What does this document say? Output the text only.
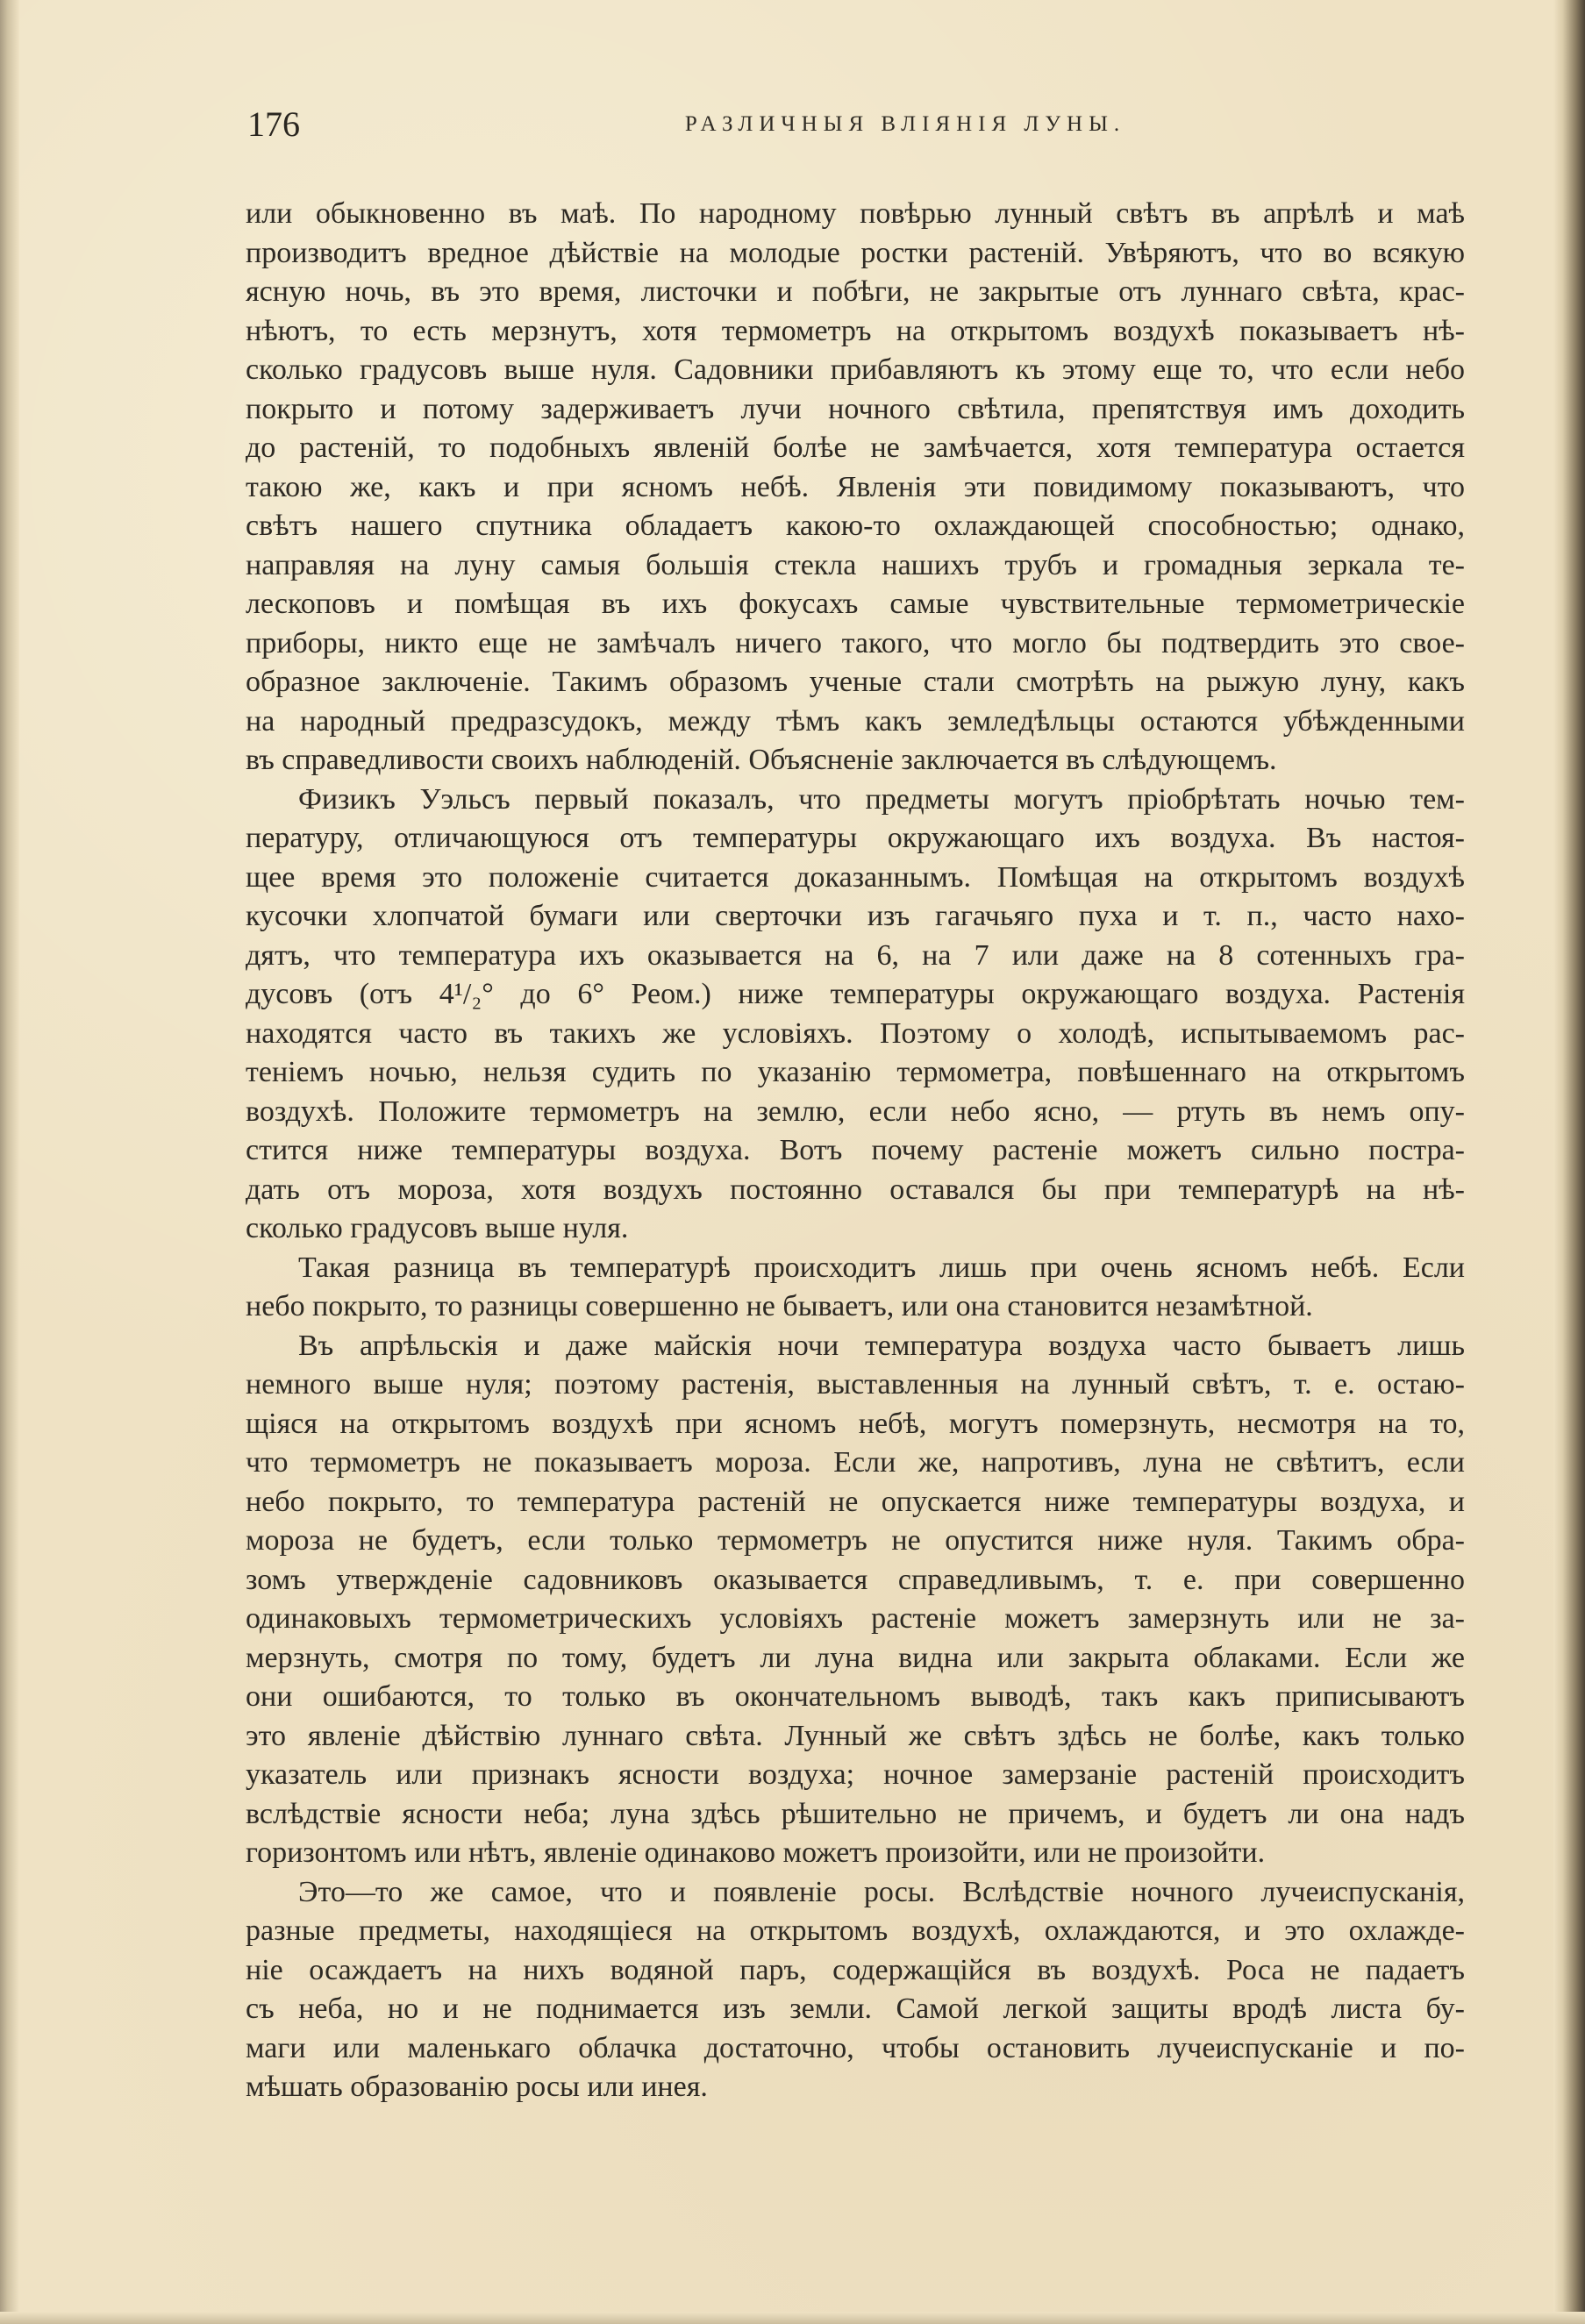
176	РАЗЛИЧНЫЯ ВЛІЯНІЯ ЛУНЫ.
или обыкновенно въ маѣ. По народному повѣрью лунный свѣтъ въ апрѣлѣ и маѣ
производитъ вредное дѣйствіе на молодые ростки растеній. Увѣряютъ, что во всякую
ясную ночь, въ это время, листочки и побѣги, не закрытые отъ луннаго свѣта, крас-
нѣютъ, то есть мерзнутъ, хотя термометръ на открытомъ воздухѣ показываетъ нѣ-
сколько градусовъ выше нуля. Садовники прибавляютъ къ этому еще то, что если небо
покрыто и потому задерживаетъ лучи ночного свѣтила, препятствуя имъ доходить
до растеній, то подобныхъ явленій болѣе не замѣчается, хотя температура остается
такою же, какъ и при ясномъ небѣ. Явленія эти повидимому показываютъ, что
свѣтъ нашего спутника обладаетъ какою-то охлаждающей способностью; однако,
направляя на луну самыя большія стекла нашихъ трубъ и громадныя зеркала те-
лескоповъ и помѣщая въ ихъ фокусахъ самые чувствительные термометрическіе
приборы, никто еще не замѣчалъ ничего такого, что могло бы подтвердить это свое-
образное заключеніе. Такимъ образомъ ученые стали смотрѣть на рыжую луну, какъ
на народный предразсудокъ, между тѣмъ какъ земледѣльцы остаются убѣжденными
въ справедливости своихъ наблюденій. Объясненіе заключается въ слѣдующемъ.
Физикъ Уэльсъ первый показалъ, что предметы могутъ пріобрѣтать ночью тем-
пературу, отличающуюся отъ температуры окружающаго ихъ воздуха. Въ настоя-
щее время это положеніе считается доказаннымъ. Помѣщая на открытомъ воздухѣ
кусочки хлопчатой бумаги или сверточки изъ гагачьяго пуха и т. п., часто нахо-
дятъ, что температура ихъ оказывается на 6, на 7 или даже на 8 сотенныхъ гра-
дусовъ (отъ 4¹/₂° до 6° Реом.) ниже температуры окружающаго воздуха. Растенія
находятся часто въ такихъ же условіяхъ. Поэтому о холодѣ, испытываемомъ рас-
теніемъ ночью, нельзя судить по указанію термометра, повѣшеннаго на открытомъ
воздухѣ. Положите термометръ на землю, если небо ясно, — ртуть въ немъ опу-
стится ниже температуры воздуха. Вотъ почему растеніе можетъ сильно постра-
дать отъ мороза, хотя воздухъ постоянно оставался бы при температурѣ на нѣ-
сколько градусовъ выше нуля.
Такая разница въ температурѣ происходитъ лишь при очень ясномъ небѣ. Если
небо покрыто, то разницы совершенно не бываетъ, или она становится незамѣтной.
Въ апрѣльскія и даже майскія ночи температура воздуха часто бываетъ лишь
немного выше нуля; поэтому растенія, выставленныя на лунный свѣтъ, т. е. остаю-
щіяся на открытомъ воздухѣ при ясномъ небѣ, могутъ померзнуть, несмотря на то,
что термометръ не показываетъ мороза. Если же, напротивъ, луна не свѣтитъ, если
небо покрыто, то температура растеній не опускается ниже температуры воздуха, и
мороза не будетъ, если только термометръ не опустится ниже нуля. Такимъ обра-
зомъ утвержденіе садовниковъ оказывается справедливымъ, т. е. при совершенно
одинаковыхъ термометрическихъ условіяхъ растеніе можетъ замерзнуть или не за-
мерзнуть, смотря по тому, будетъ ли луна видна или закрыта облаками. Если же
они ошибаются, то только въ окончательномъ выводѣ, такъ какъ приписываютъ
это явленіе дѣйствію луннаго свѣта. Лунный же свѣтъ здѣсь не болѣе, какъ только
указатель или признакъ ясности воздуха; ночное замерзаніе растеній происходитъ
вслѣдствіе ясности неба; луна здѣсь рѣшительно не причемъ, и будетъ ли она надъ
горизонтомъ или нѣтъ, явленіе одинаково можетъ произойти, или не произойти.
Это—то же самое, что и появленіе росы. Вслѣдствіе ночного лучеиспусканія,
разные предметы, находящіеся на открытомъ воздухѣ, охлаждаются, и это охлажде-
ніе осаждаетъ на нихъ водяной паръ, содержащійся въ воздухѣ. Роса не падаетъ
съ неба, но и не поднимается изъ земли. Самой легкой защиты вродѣ листа бу-
маги или маленькаго облачка достаточно, чтобы остановить лучеиспусканіе и по-
мѣшать образованію росы или инея.
